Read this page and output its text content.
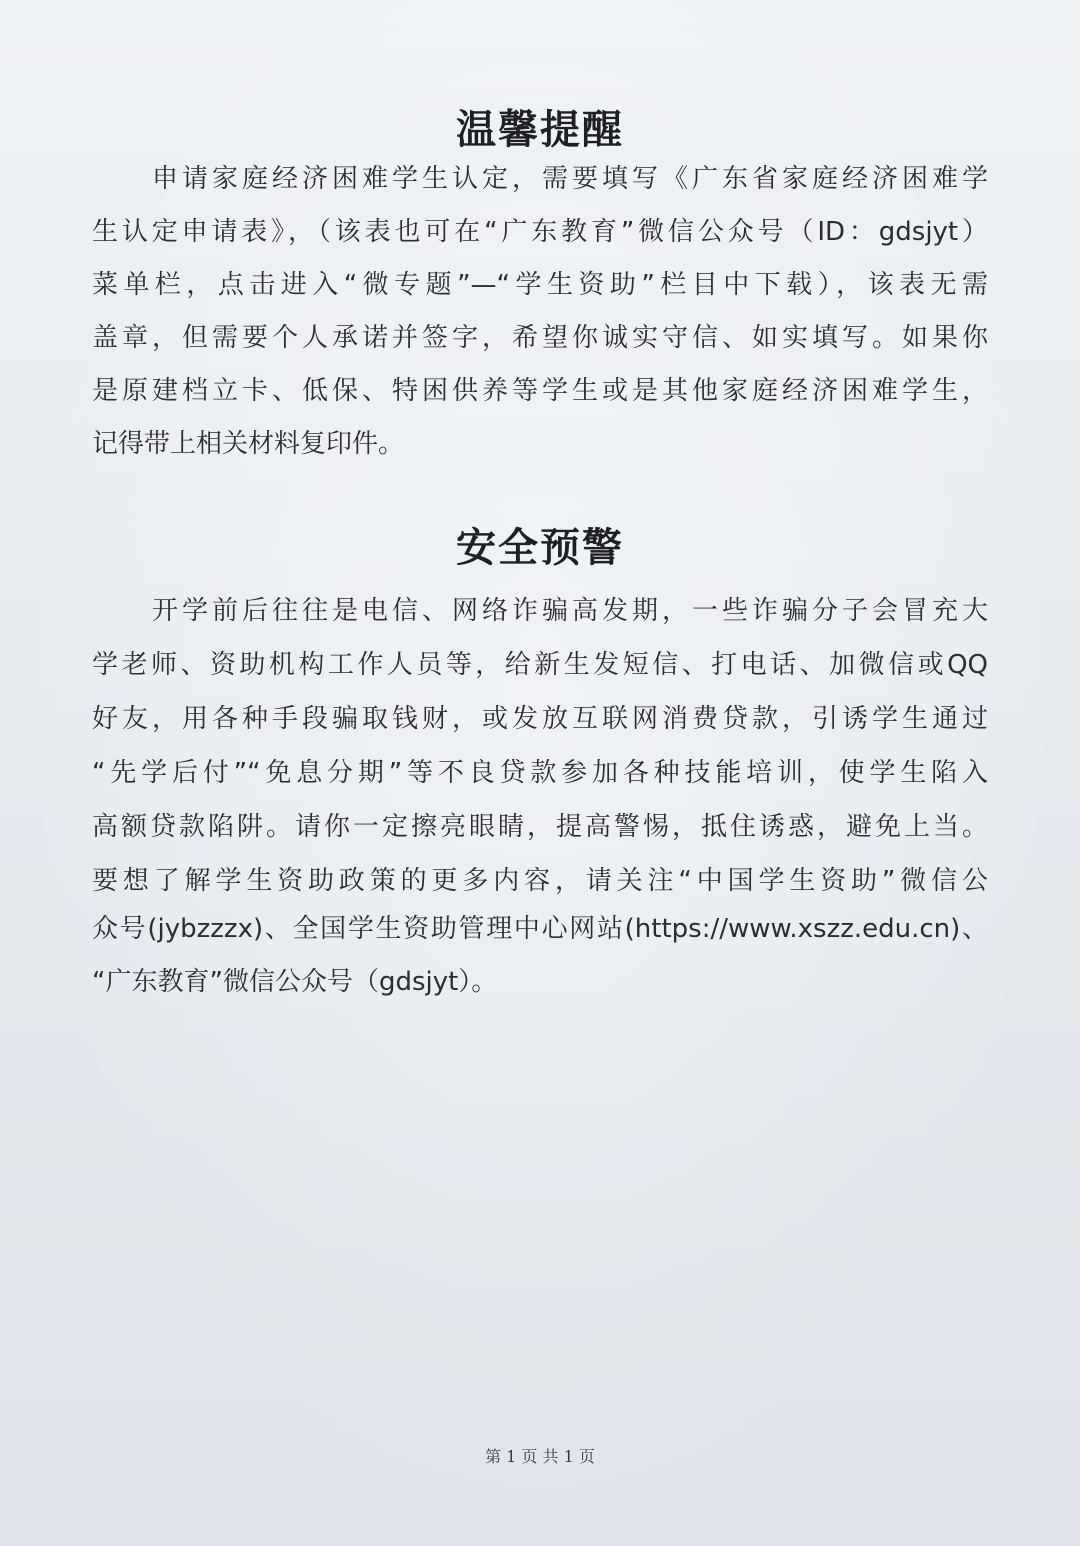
温馨提醒

　　申请家庭经济困难学生认定，需要填写《广东省家庭经济困难学

生认定申请表》，（该表也可在“广东教育”微信公众号（ID：gdsjyt）

菜单栏，点击进入“微专题”—“学生资助”栏目中下载），该表无需

盖章，但需要个人承诺并签字，希望你诚实守信、如实填写。如果你

是原建档立卡、低保、特困供养等学生或是其他家庭经济困难学生，

记得带上相关材料复印件。

安全预警

　　开学前后往往是电信、网络诈骗高发期，一些诈骗分子会冒充大

学老师、资助机构工作人员等，给新生发短信、打电话、加微信或QQ

好友，用各种手段骗取钱财，或发放互联网消费贷款，引诱学生通过

“先学后付”“免息分期”等不良贷款参加各种技能培训，使学生陷入

高额贷款陷阱。请你一定擦亮眼睛，提高警惕，抵住诱惑，避免上当。

要想了解学生资助政策的更多内容，请关注“中国学生资助”微信公

众号(jybzzzx)、全国学生资助管理中心网站(https://www.xszz.edu.cn)、

“广东教育”微信公众号（gdsjyt）。

第 1 页 共 1 页
